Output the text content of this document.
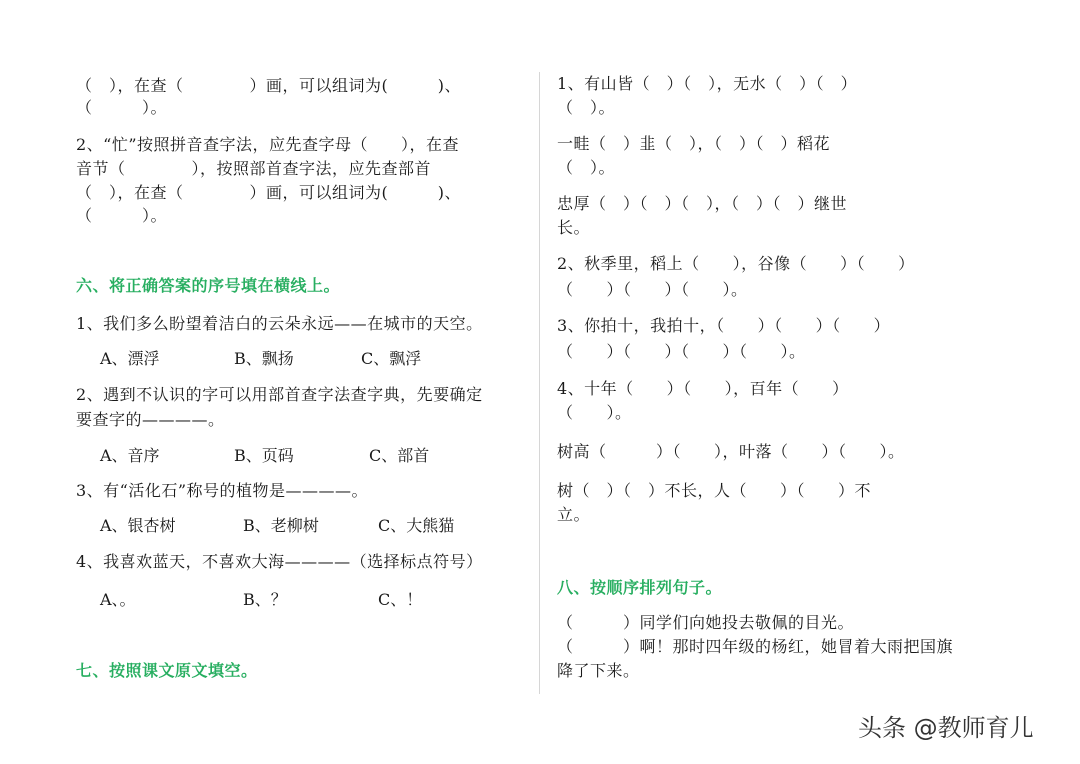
（　），在查（　　　　）画，可以组词为(　　　)、
（　　　）。
2、“忙”按照拼音查字法，应先查字母（　　），在查
音节（　　　　），按照部首查字法，应先查部首
（　），在查（　　　　）画，可以组词为(　　　)、
（　　　）。
六、将正确答案的序号填在横线上。
1、我们多么盼望着洁白的云朵永远——在城市的天空。
A、漂浮	B、飘扬	C、飘浮
2、遇到不认识的字可以用部首查字法查字典，先要确定
要查字的————。
A、音序	B、页码	C、部首
3、有“活化石”称号的植物是————。
A、银杏树	B、老柳树	C、大熊猫
4、我喜欢蓝天，不喜欢大海————（选择标点符号）
A、。	B、？	C、！
七、按照课文原文填空。
1、有山皆（　）（　），无水（　）（　）
（　）。
一畦（　）韭（　），（　）（　）稻花
（　）。
忠厚（　）（　）（　），（　）（　）继世
长。
2、秋季里，稻上（　　），谷像（　　）（　　）
（　　）（　　）（　　）。
3、你拍十，我拍十，（　　）（　　）（　　）
（　　）（　　）（　　）（　　）。
4、十年（　　）（　　），百年（　　）
（　　）。
树高（　　　）（　　），叶落（　　）（　　）。
树（　）（　）不长，人（　　）（　　）不
立。
八、按顺序排列句子。
（　　　）同学们向她投去敬佩的目光。
（　　　）啊！那时四年级的杨红，她冒着大雨把国旗
降了下来。
头条 @教师育儿
